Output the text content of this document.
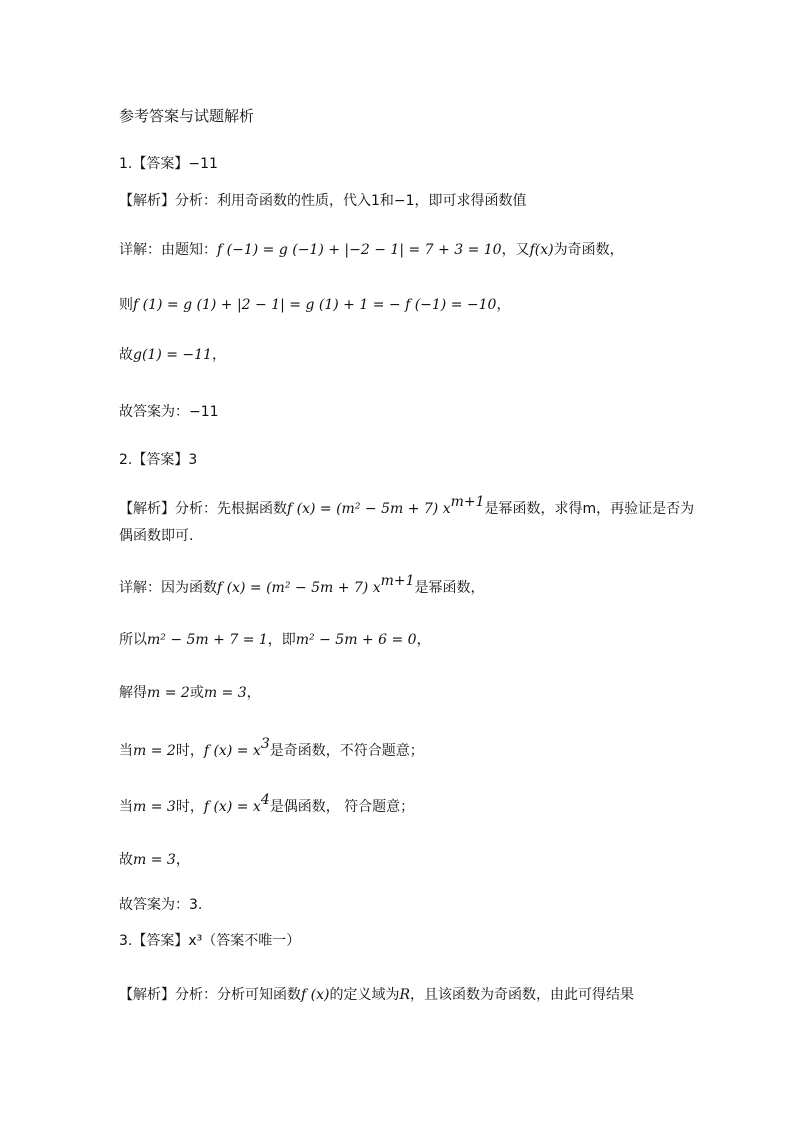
参考答案与试题解析
1.【答案】−11
【解析】分析：利用奇函数的性质，代入1和−1，即可求得函数值
详解：由题知：f (−1) = g (−1) + |−2 − 1| = 7 + 3 = 10，又f(x)为奇函数，
则f (1) = g (1) + |2 − 1| = g (1) + 1 = − f (−1) = −10，
故g(1) = −11，
故答案为：−11
2.【答案】3
【解析】分析：先根据函数f (x) = (m² − 5m + 7) $x^{m+1}$是幂函数，求得m，再验证是否为
偶函数即可.
详解：因为函数f (x) = (m² − 5m + 7) $x^{m+1}$是幂函数，
所以m² − 5m + 7 = 1，即m² − 5m + 6 = 0，
解得m = 2或m = 3，
当m = 2时，f $(x) = x^3$是奇函数，不符合题意；
当m = 3时，f $(x) = x^4$是偶函数， 符合题意；
故m = 3，
故答案为：3.
3.【答案】x³（答案不唯一）
【解析】分析：分析可知函数f (x)的定义域为R，且该函数为奇函数，由此可得结果
